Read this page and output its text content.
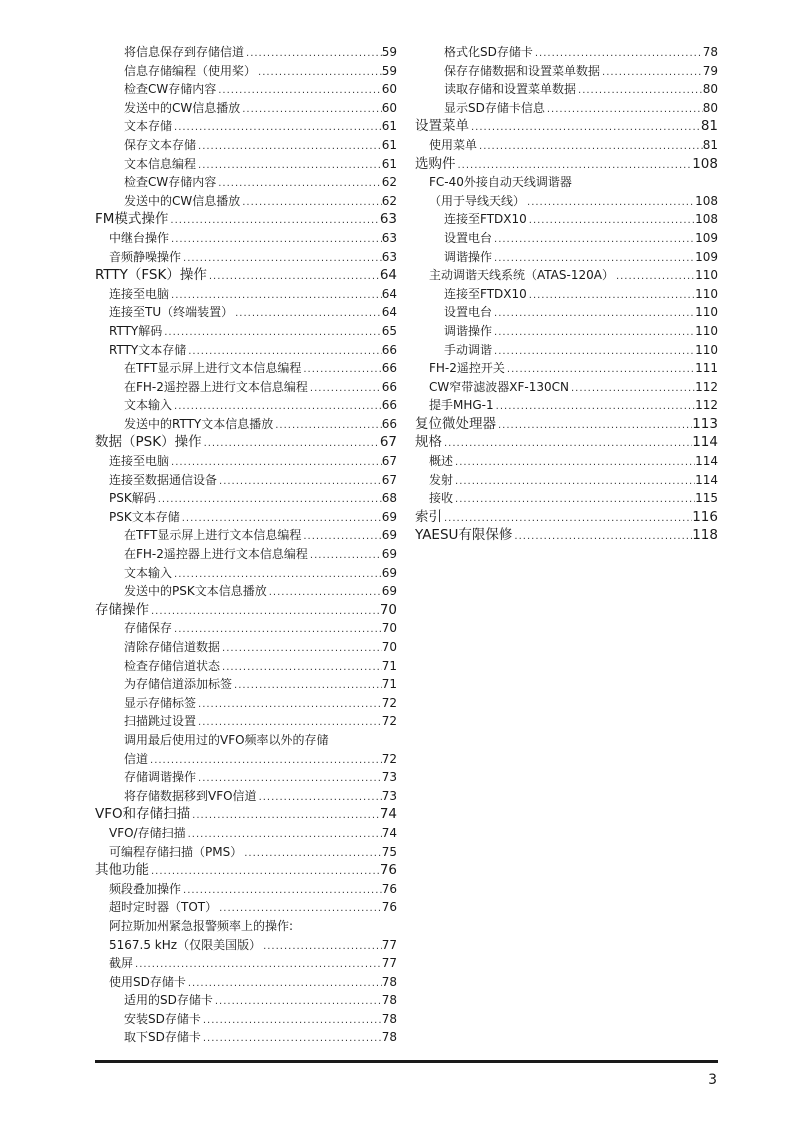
将信息保存到存储信道 .....	59
信息存储编程（使用桨） .....	59
检查CW存储内容 .....	60
发送中的CW信息播放 .....	60
文本存储 .....	61
保存文本存储 .....	61
文本信息编程 .....	61
检查CW存储内容 .....	62
发送中的CW信息播放 .....	62
FM模式操作 .....	63
中继台操作 .....	63
音频静噪操作 .....	63
RTTY（FSK）操作 .....	64
连接至电脑 .....	64
连接至TU（终端装置） .....	64
RTTY解码 .....	65
RTTY文本存储 .....	66
在TFT显示屏上进行文本信息编程 .....	66
在FH-2遥控器上进行文本信息编程 .....	66
文本输入 .....	66
发送中的RTTY文本信息播放 .....	66
数据（PSK）操作 .....	67
连接至电脑 .....	67
连接至数据通信设备 .....	67
PSK解码 .....	68
PSK文本存储 .....	69
在TFT显示屏上进行文本信息编程 .....	69
在FH-2遥控器上进行文本信息编程 .....	69
文本输入 .....	69
发送中的PSK文本信息播放 .....	69
存储操作 .....	70
存储保存 .....	70
清除存储信道数据 .....	70
检查存储信道状态 .....	71
为存储信道添加标签 .....	71
显示存储标签 .....	72
扫描跳过设置 .....	72
调用最后使用过的VFO频率以外的存储
信道 .....	72
存储调谐操作 .....	73
将存储数据移到VFO信道 .....	73
VFO和存储扫描 .....	74
VFO/存储扫描 .....	74
可编程存储扫描（PMS） .....	75
其他功能 .....	76
频段叠加操作 .....	76
超时定时器（TOT） .....	76
阿拉斯加州紧急报警频率上的操作:
5167.5 kHz（仅限美国版） .....	77
截屏 .....	77
使用SD存储卡 .....	78
适用的SD存储卡 .....	78
安装SD存储卡 .....	78
取下SD存储卡 .....	78
格式化SD存储卡 .....	78
保存存储数据和设置菜单数据 .....	79
读取存储和设置菜单数据 .....	80
显示SD存储卡信息 .....	80
设置菜单 .....	81
使用菜单 .....	81
选购件 .....	108
FC-40外接自动天线调谐器
（用于导线天线） .....	108
连接至FTDX10 .....	108
设置电台 .....	109
调谐操作 .....	109
主动调谐天线系统（ATAS-120A） .....	110
连接至FTDX10 .....	110
设置电台 .....	110
调谐操作 .....	110
手动调谐 .....	110
FH-2遥控开关 .....	111
CW窄带滤波器XF-130CN .....	112
提手MHG-1 .....	112
复位微处理器 .....	113
规格 .....	114
概述 .....	114
发射 .....	114
接收 .....	115
索引 .....	116
YAESU有限保修 .....	118
3
